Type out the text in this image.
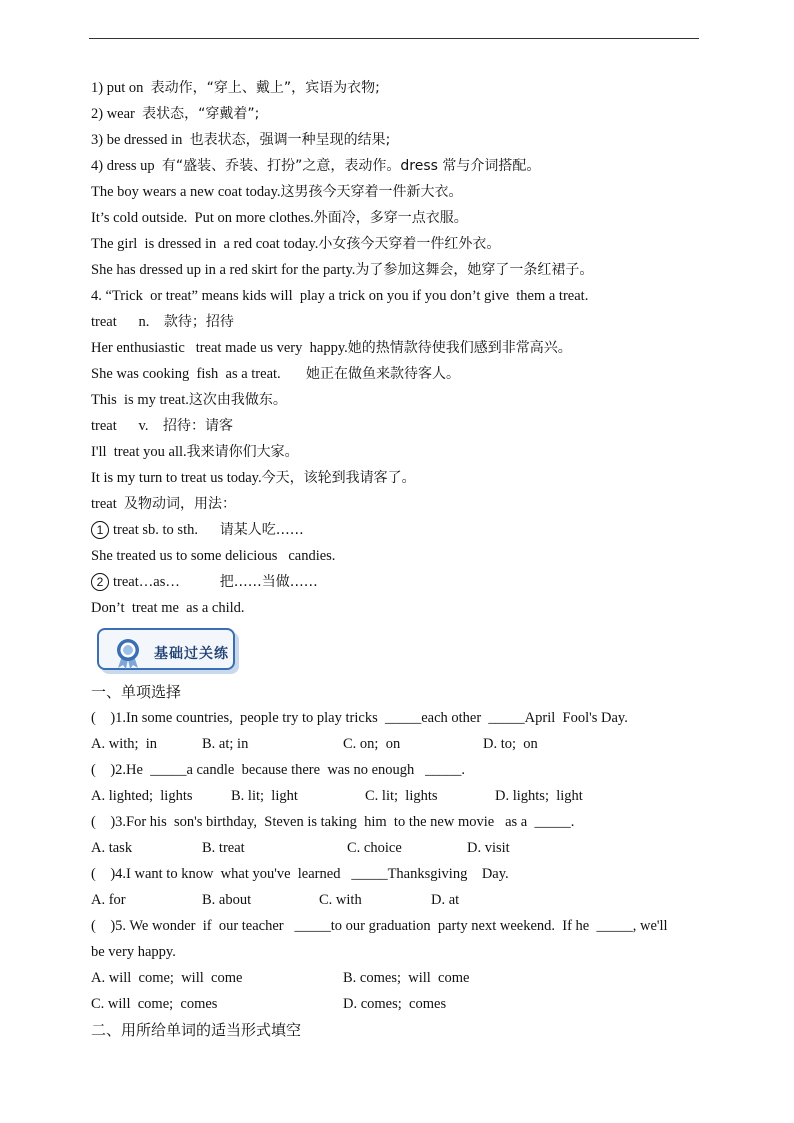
1) put on  表动作，“穿上、戴上”，宾语为衣物;
2) wear  表状态，“穿戴着”;
3) be dressed in  也表状态，强调一种呈现的结果;
4) dress up  有“盛装、乔装、打扮”之意，表动作。dress 常与介词搭配。
The boy wears a new coat today.这男孩今天穿着一件新大衣。
It’s cold outside.  Put on more clothes.外面冷，多穿一点衣服。
The girl  is dressed in  a red coat today.小女孩今天穿着一件红外衣。
She has dressed up in a red skirt for the party.为了参加这舞会，她穿了一条红裙子。
4. “Trick  or treat” means kids will  play a trick on you if you don’t give  them a treat.
treat      n.    款待；招待
Her enthusiastic   treat made us very  happy.她的热情款待使我们感到非常高兴。
She was cooking  fish  as a treat.       她正在做鱼来款待客人。
This  is my treat.这次由我做东。
treat      v.    招待：请客
I'll  treat you all.我来请你们大家。
It is my turn to treat us today.今天，该轮到我请客了。
treat  及物动词，用法：
1 treat sb. to sth.      请某人吃……
She treated us to some delicious   candies.
2 treat…as…           把……当做……
Don’t  treat me  as a child.
基础过关练
一、单项选择
(    )1.In some countries,  people try to play tricks  _____each other  _____April  Fool's Day.
A. with;  in	B. at; in	C. on;  on	D. to;  on
(    )2.He  _____a candle  because there  was no enough   _____.
A. lighted;  lights	B. lit;  light	C. lit;  lights	D. lights;  light
(    )3.For his  son's birthday,  Steven is taking  him  to the new movie   as a  _____.
A. task	B. treat	C. choice	D. visit
(    )4.I want to know  what you've  learned   _____Thanksgiving    Day.
A. for	B. about	C. with	D. at
(    )5. We wonder  if  our teacher   _____to our graduation  party next weekend.  If he  _____, we'll
be very happy.
A. will  come;  will  come	B. comes;  will  come
C. will  come;  comes	D. comes;  comes
二、用所给单词的适当形式填空
